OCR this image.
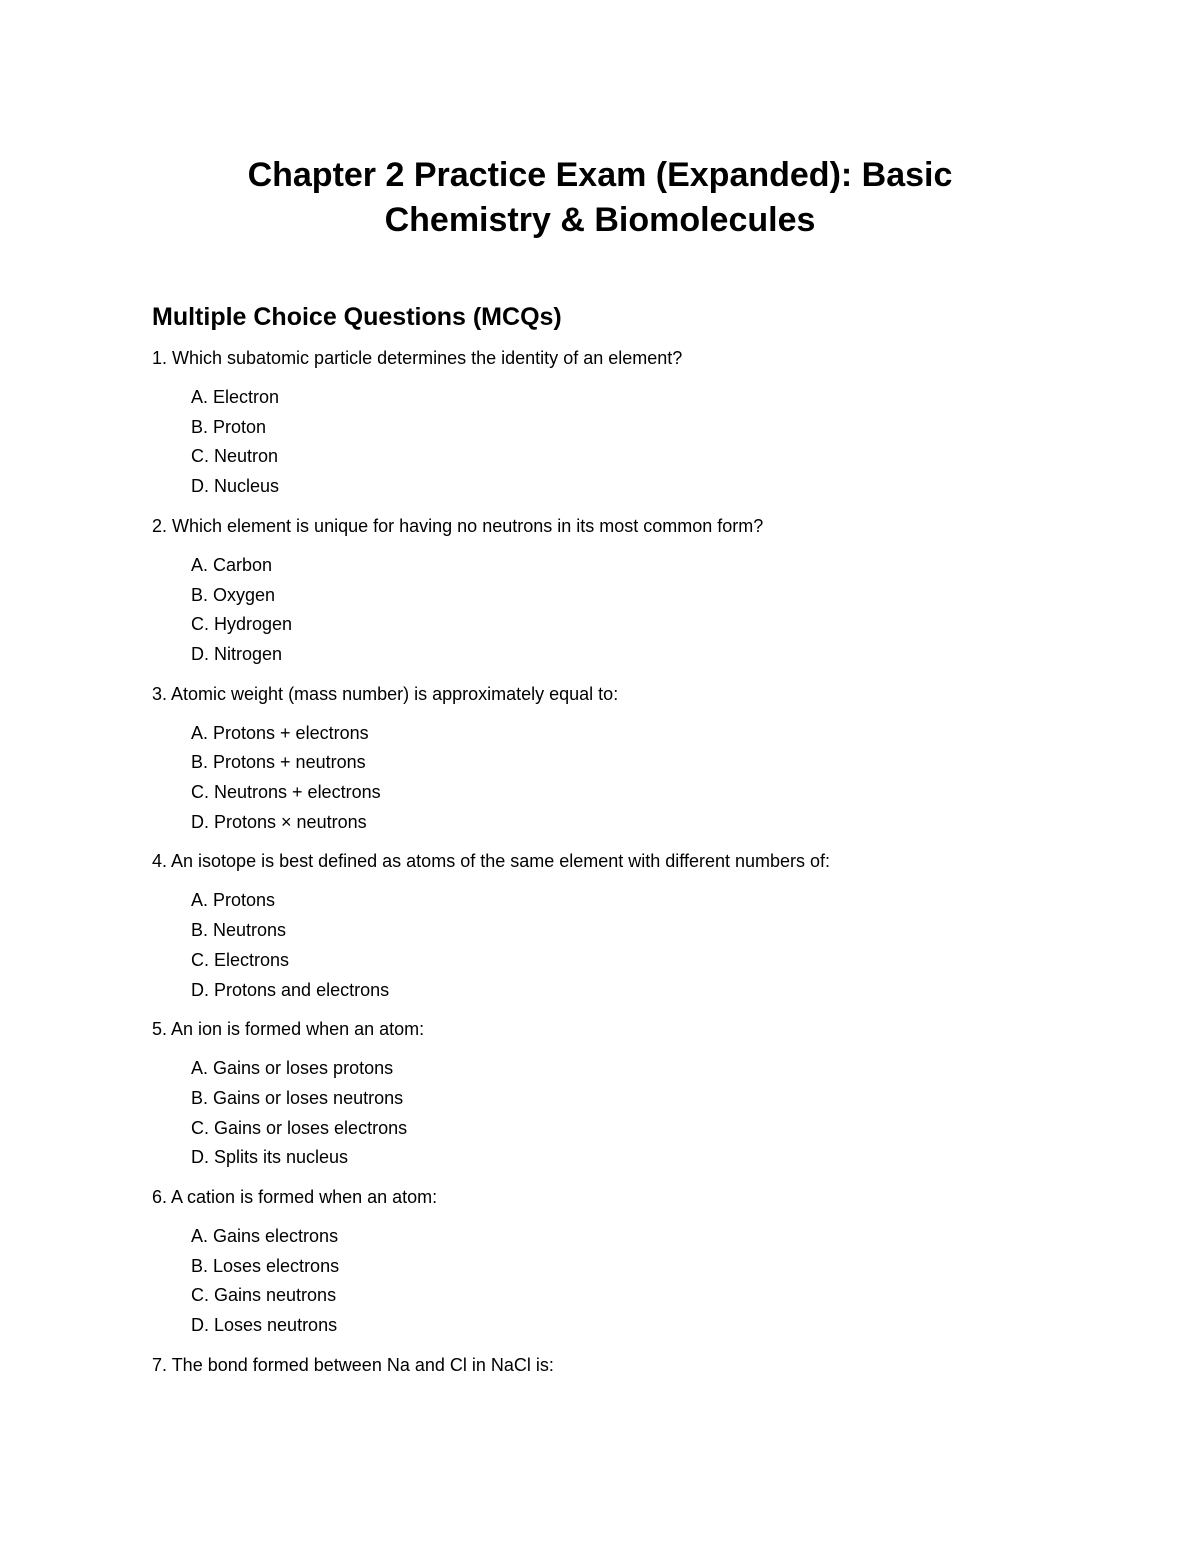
Chapter 2 Practice Exam (Expanded): Basic
Chemistry & Biomolecules
Multiple Choice Questions (MCQs)

1. Which subatomic particle determines the identity of an element?

A. Electron
B. Proton
C. Neutron
D. Nucleus

2. Which element is unique for having no neutrons in its most common form?

A. Carbon
B. Oxygen
C. Hydrogen
D. Nitrogen

3. Atomic weight (mass number) is approximately equal to:

A. Protons + electrons
B. Protons + neutrons
C. Neutrons + electrons
D. Protons × neutrons

4. An isotope is best defined as atoms of the same element with different numbers of:

A. Protons
B. Neutrons
C. Electrons
D. Protons and electrons

5. An ion is formed when an atom:

A. Gains or loses protons
B. Gains or loses neutrons
C. Gains or loses electrons
D. Splits its nucleus

6. A cation is formed when an atom:

A. Gains electrons
B. Loses electrons
C. Gains neutrons
D. Loses neutrons

7. The bond formed between Na and Cl in NaCl is:
